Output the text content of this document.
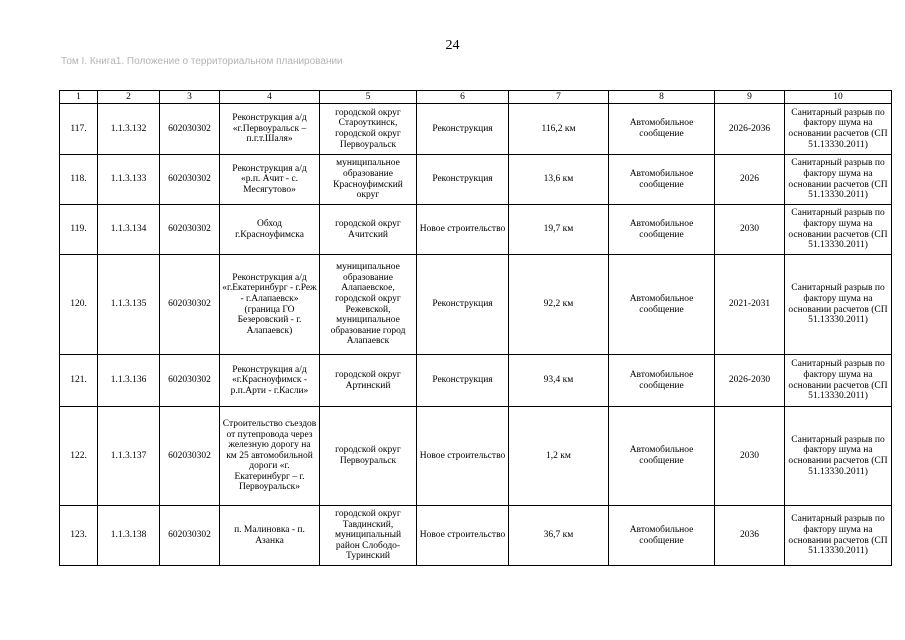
24
Том I. Книга1. Положение о территориальном планировании
1	2	3	4	5	6	7	8	9	10
117.	1.1.3.132	602030302	Реконструкция а/д «г.Первоуральск – п.г.т.Шаля»	городской округ Староуткинск, городской округ Первоуральск	Реконструкция	116,2 км	Автомобильное сообщение	2026-2036	Санитарный разрыв по фактору шума на основании расчетов (СП 51.13330.2011)
118.	1.1.3.133	602030302	Реконструкция а/д «р.п. Ачит - с. Месягутово»	муниципальное образование Красноуфимский округ	Реконструкция	13,6 км	Автомобильное сообщение	2026	Санитарный разрыв по фактору шума на основании расчетов (СП 51.13330.2011)
119.	1.1.3.134	602030302	Обход г.Красноуфимска	городской округ Ачитский	Новое строительство	19,7 км	Автомобильное сообщение	2030	Санитарный разрыв по фактору шума на основании расчетов (СП 51.13330.2011)
120.	1.1.3.135	602030302	Реконструкция а/д «г.Екатеринбург - г.Реж - г.Алапаевск» (граница ГО Безеровский - г. Алапаевск)	муниципальное образование Алапаевское, городской округ Режевской, муниципальное образование город Алапаевск	Реконструкция	92,2 км	Автомобильное сообщение	2021-2031	Санитарный разрыв по фактору шума на основании расчетов (СП 51.13330.2011)
121.	1.1.3.136	602030302	Реконструкция а/д «г.Красноуфимск - р.п.Арти - г.Касли»	городской округ Артинский	Реконструкция	93,4 км	Автомобильное сообщение	2026-2030	Санитарный разрыв по фактору шума на основании расчетов (СП 51.13330.2011)
122.	1.1.3.137	602030302	Строительство съездов от путепровода через железную дорогу на км 25 автомобильной дороги «г. Екатеринбург – г. Первоуральск»	городской округ Первоуральск	Новое строительство	1,2 км	Автомобильное сообщение	2030	Санитарный разрыв по фактору шума на основании расчетов (СП 51.13330.2011)
123.	1.1.3.138	602030302	п. Малиновка - п. Азанка	городской округ Тавдинский, муниципальный район Слободо-Туринский	Новое строительство	36,7 км	Автомобильное сообщение	2036	Санитарный разрыв по фактору шума на основании расчетов (СП 51.13330.2011)
